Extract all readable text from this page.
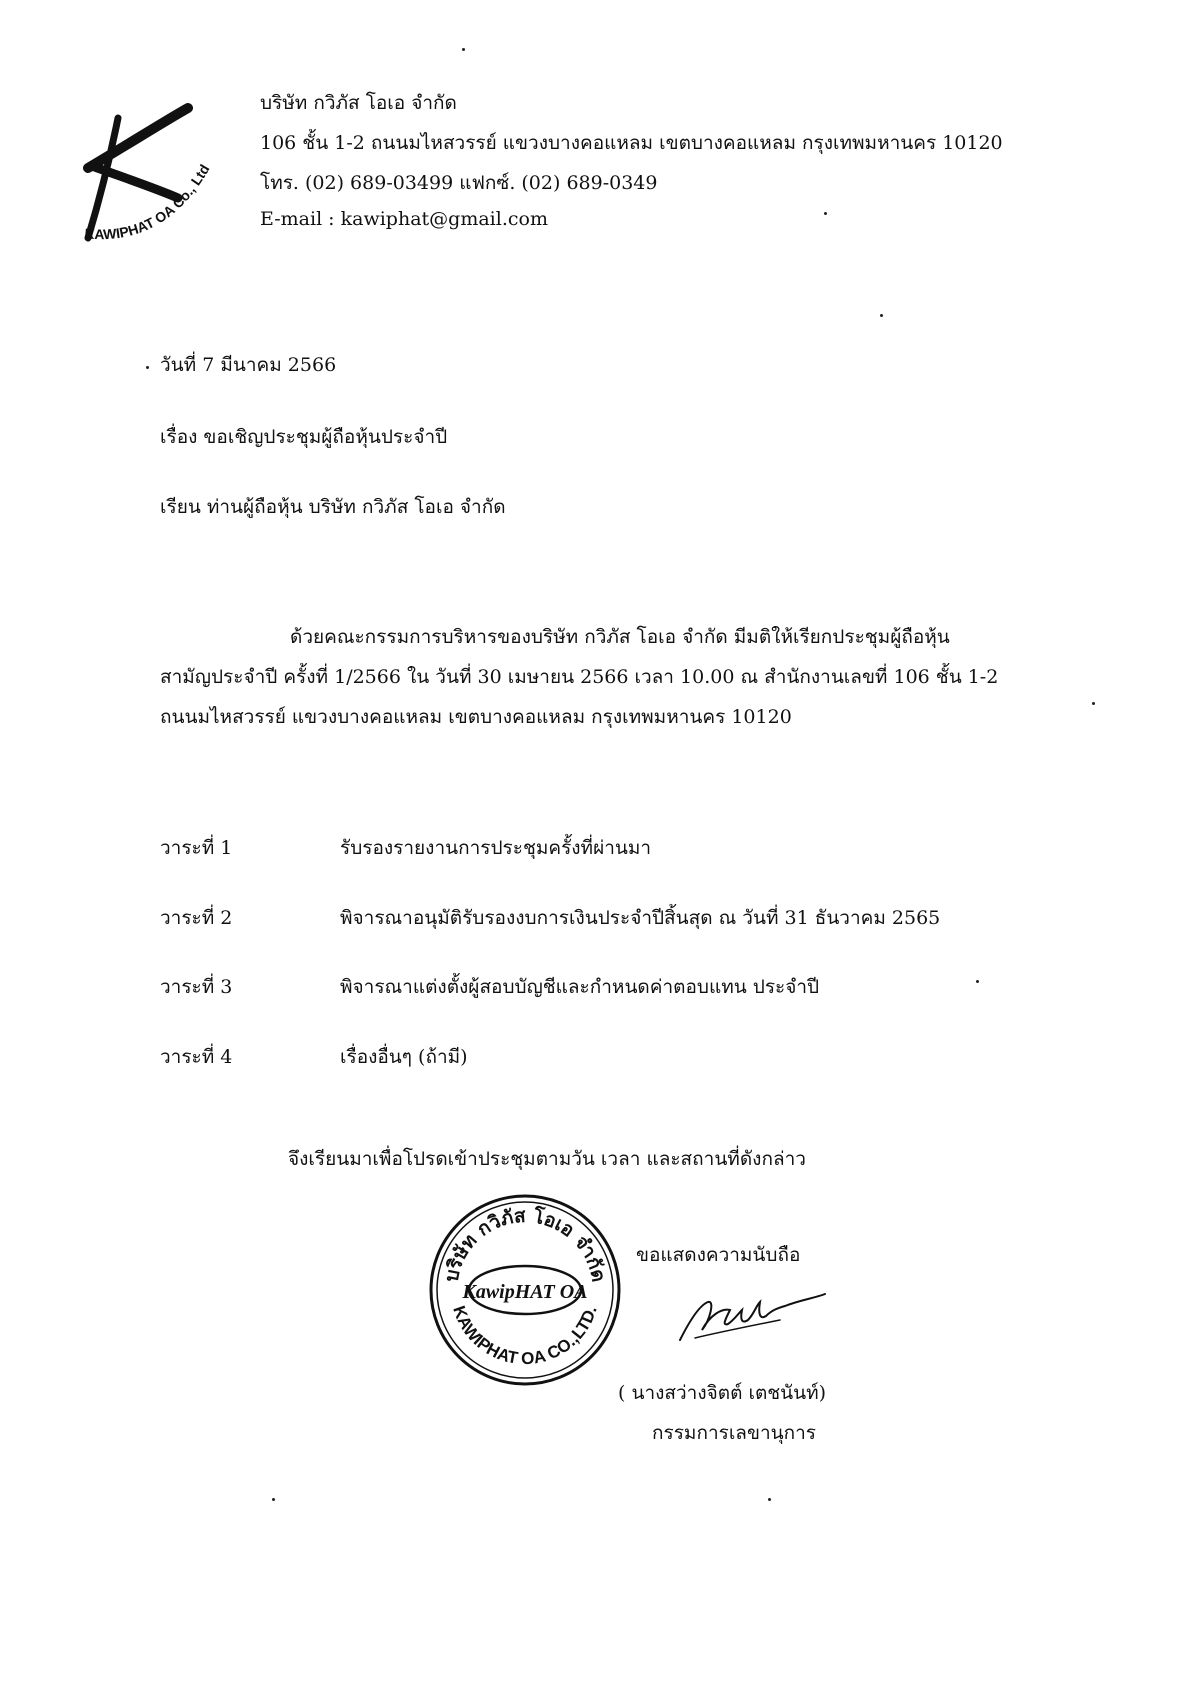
KAWIPHAT OA Co., Ltd
บริษัท กวิภัส โอเอ จำกัด
106 ชั้น 1-2 ถนนมไหสวรรย์ แขวงบางคอแหลม เขตบางคอแหลม กรุงเทพมหานคร 10120
โทร. (02) 689-03499 แฟกซ์. (02) 689-0349
E-mail : kawiphat@gmail.com
วันที่ 7 มีนาคม 2566
เรื่อง ขอเชิญประชุมผู้ถือหุ้นประจำปี
เรียน ท่านผู้ถือหุ้น บริษัท กวิภัส โอเอ จำกัด
ด้วยคณะกรรมการบริหารของบริษัท กวิภัส โอเอ จำกัด มีมติให้เรียกประชุมผู้ถือหุ้น
สามัญประจำปี ครั้งที่ 1/2566 ใน วันที่ 30 เมษายน 2566 เวลา 10.00 ณ สำนักงานเลขที่ 106 ชั้น 1-2
ถนนมไหสวรรย์ แขวงบางคอแหลม เขตบางคอแหลม กรุงเทพมหานคร 10120
วาระที่ 1	รับรองรายงานการประชุมครั้งที่ผ่านมา
วาระที่ 2	พิจารณาอนุมัติรับรองงบการเงินประจำปีสิ้นสุด ณ วันที่ 31 ธันวาคม 2565
วาระที่ 3	พิจารณาแต่งตั้งผู้สอบบัญชีและกำหนดค่าตอบแทน ประจำปี
วาระที่ 4	เรื่องอื่นๆ (ถ้ามี)
จึงเรียนมาเพื่อโปรดเข้าประชุมตามวัน เวลา และสถานที่ดังกล่าว
บริษัท กวิภัส โอเอ จำกัด
KawipHAT OA
KAWIPHAT OA CO.,LTD.
ขอแสดงความนับถือ
( นางสว่างจิตต์ เตชนันท์)
กรรมการเลขานุการ
